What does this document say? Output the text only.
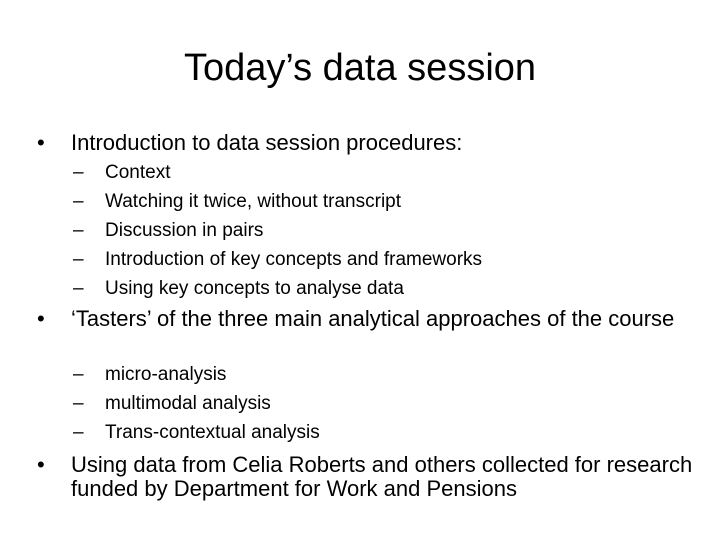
Today’s data session
• Introduction to data session procedures:
– Context
– Watching it twice, without transcript
– Discussion in pairs
– Introduction of key concepts and frameworks
– Using key concepts to analyse data
• ‘Tasters’ of the three main analytical approaches of the course
– micro-analysis
– multimodal analysis
– Trans-contextual analysis
• Using data from Celia Roberts and others collected for research funded by Department for Work and Pensions
